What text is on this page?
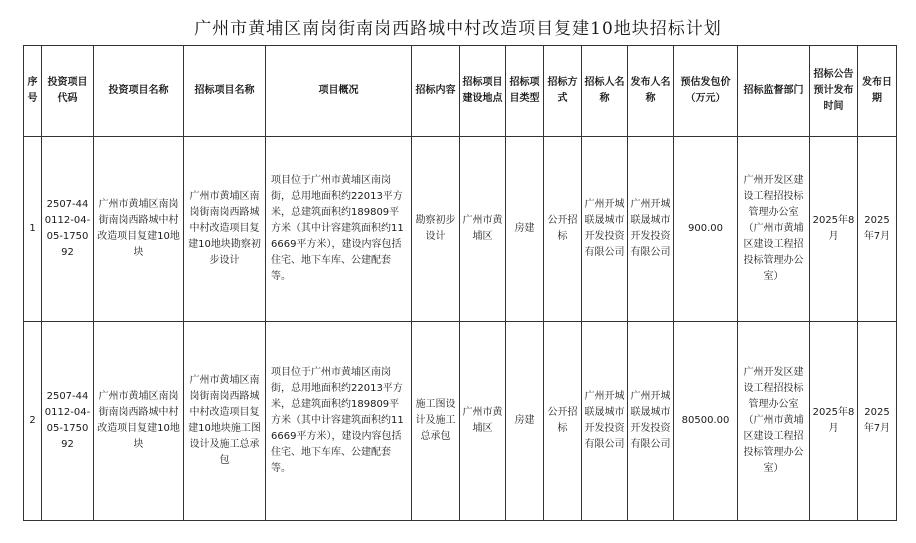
广州市黄埔区南岗街南岗西路城中村改造项目复建10地块招标计划
序号	投资项目代码	投资项目名称	招标项目名称	项目概况	招标内容	招标项目建设地点	招标项目类型	招标方式	招标人名称	发布人名称	预估发包价（万元）	招标监督部门	招标公告预计发布时间	发布日期
1	2507-440112-04-05-175092	广州市黄埔区南岗街南岗西路城中村改造项目复建10地块	广州市黄埔区南岗街南岗西路城中村改造项目复建10地块勘察初步设计	项目位于广州市黄埔区南岗街，总用地面积约22013平方米，总建筑面积约189809平方米（其中计容建筑面积约116669平方米），建设内容包括住宅、地下车库、公建配套等。	勘察初步设计	广州市黄埔区	房建	公开招标	广州开城联晟城市开发投资有限公司	广州开城联晟城市开发投资有限公司	900.00	广州开发区建设工程招投标管理办公室（广州市黄埔区建设工程招投标管理办公室）	2025年8月	2025年7月
2	2507-440112-04-05-175092	广州市黄埔区南岗街南岗西路城中村改造项目复建10地块	广州市黄埔区南岗街南岗西路城中村改造项目复建10地块施工图设计及施工总承包	项目位于广州市黄埔区南岗街，总用地面积约22013平方米，总建筑面积约189809平方米（其中计容建筑面积约116669平方米），建设内容包括住宅、地下车库、公建配套等。	施工图设计及施工总承包	广州市黄埔区	房建	公开招标	广州开城联晟城市开发投资有限公司	广州开城联晟城市开发投资有限公司	80500.00	广州开发区建设工程招投标管理办公室（广州市黄埔区建设工程招投标管理办公室）	2025年8月	2025年7月
